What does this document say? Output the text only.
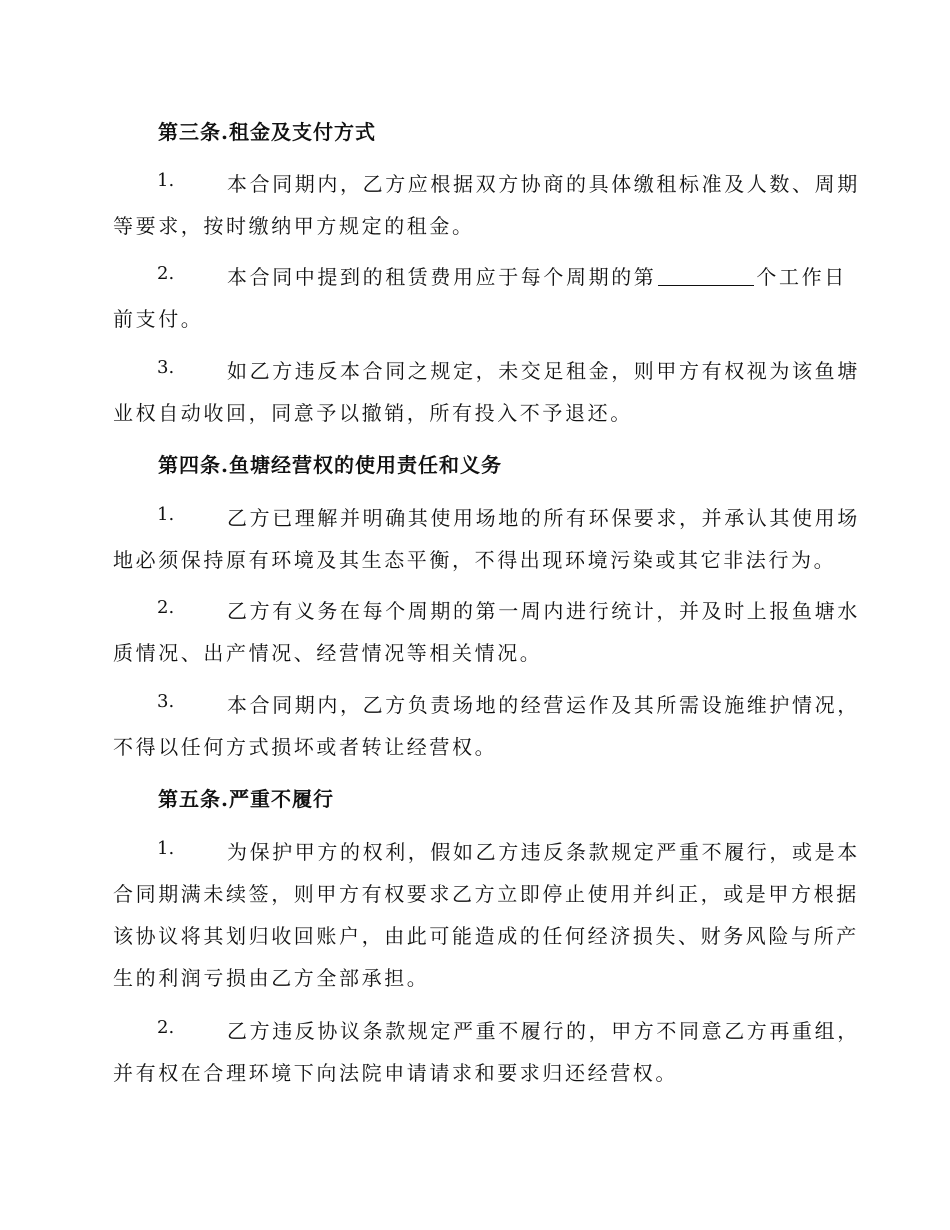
第三条.租金及支付方式
1.	本合同期内，乙方应根据双方协商的具体缴租标准及人数、周期
等要求，按时缴纳甲方规定的租金。
2.	本合同中提到的租赁费用应于每个周期的第	个工作日
前支付。
3.	如乙方违反本合同之规定，未交足租金，则甲方有权视为该鱼塘
业权自动收回，同意予以撤销，所有投入不予退还。
第四条.鱼塘经营权的使用责任和义务
1.	乙方已理解并明确其使用场地的所有环保要求，并承认其使用场
地必须保持原有环境及其生态平衡，不得出现环境污染或其它非法行为。
2.	乙方有义务在每个周期的第一周内进行统计，并及时上报鱼塘水
质情况、出产情况、经营情况等相关情况。
3.	本合同期内，乙方负责场地的经营运作及其所需设施维护情况，
不得以任何方式损坏或者转让经营权。
第五条.严重不履行
1.	为保护甲方的权利，假如乙方违反条款规定严重不履行，或是本
合同期满未续签，则甲方有权要求乙方立即停止使用并纠正，或是甲方根据
该协议将其划归收回账户，由此可能造成的任何经济损失、财务风险与所产
生的利润亏损由乙方全部承担。
2.	乙方违反协议条款规定严重不履行的，甲方不同意乙方再重组，
并有权在合理环境下向法院申请请求和要求归还经营权。
